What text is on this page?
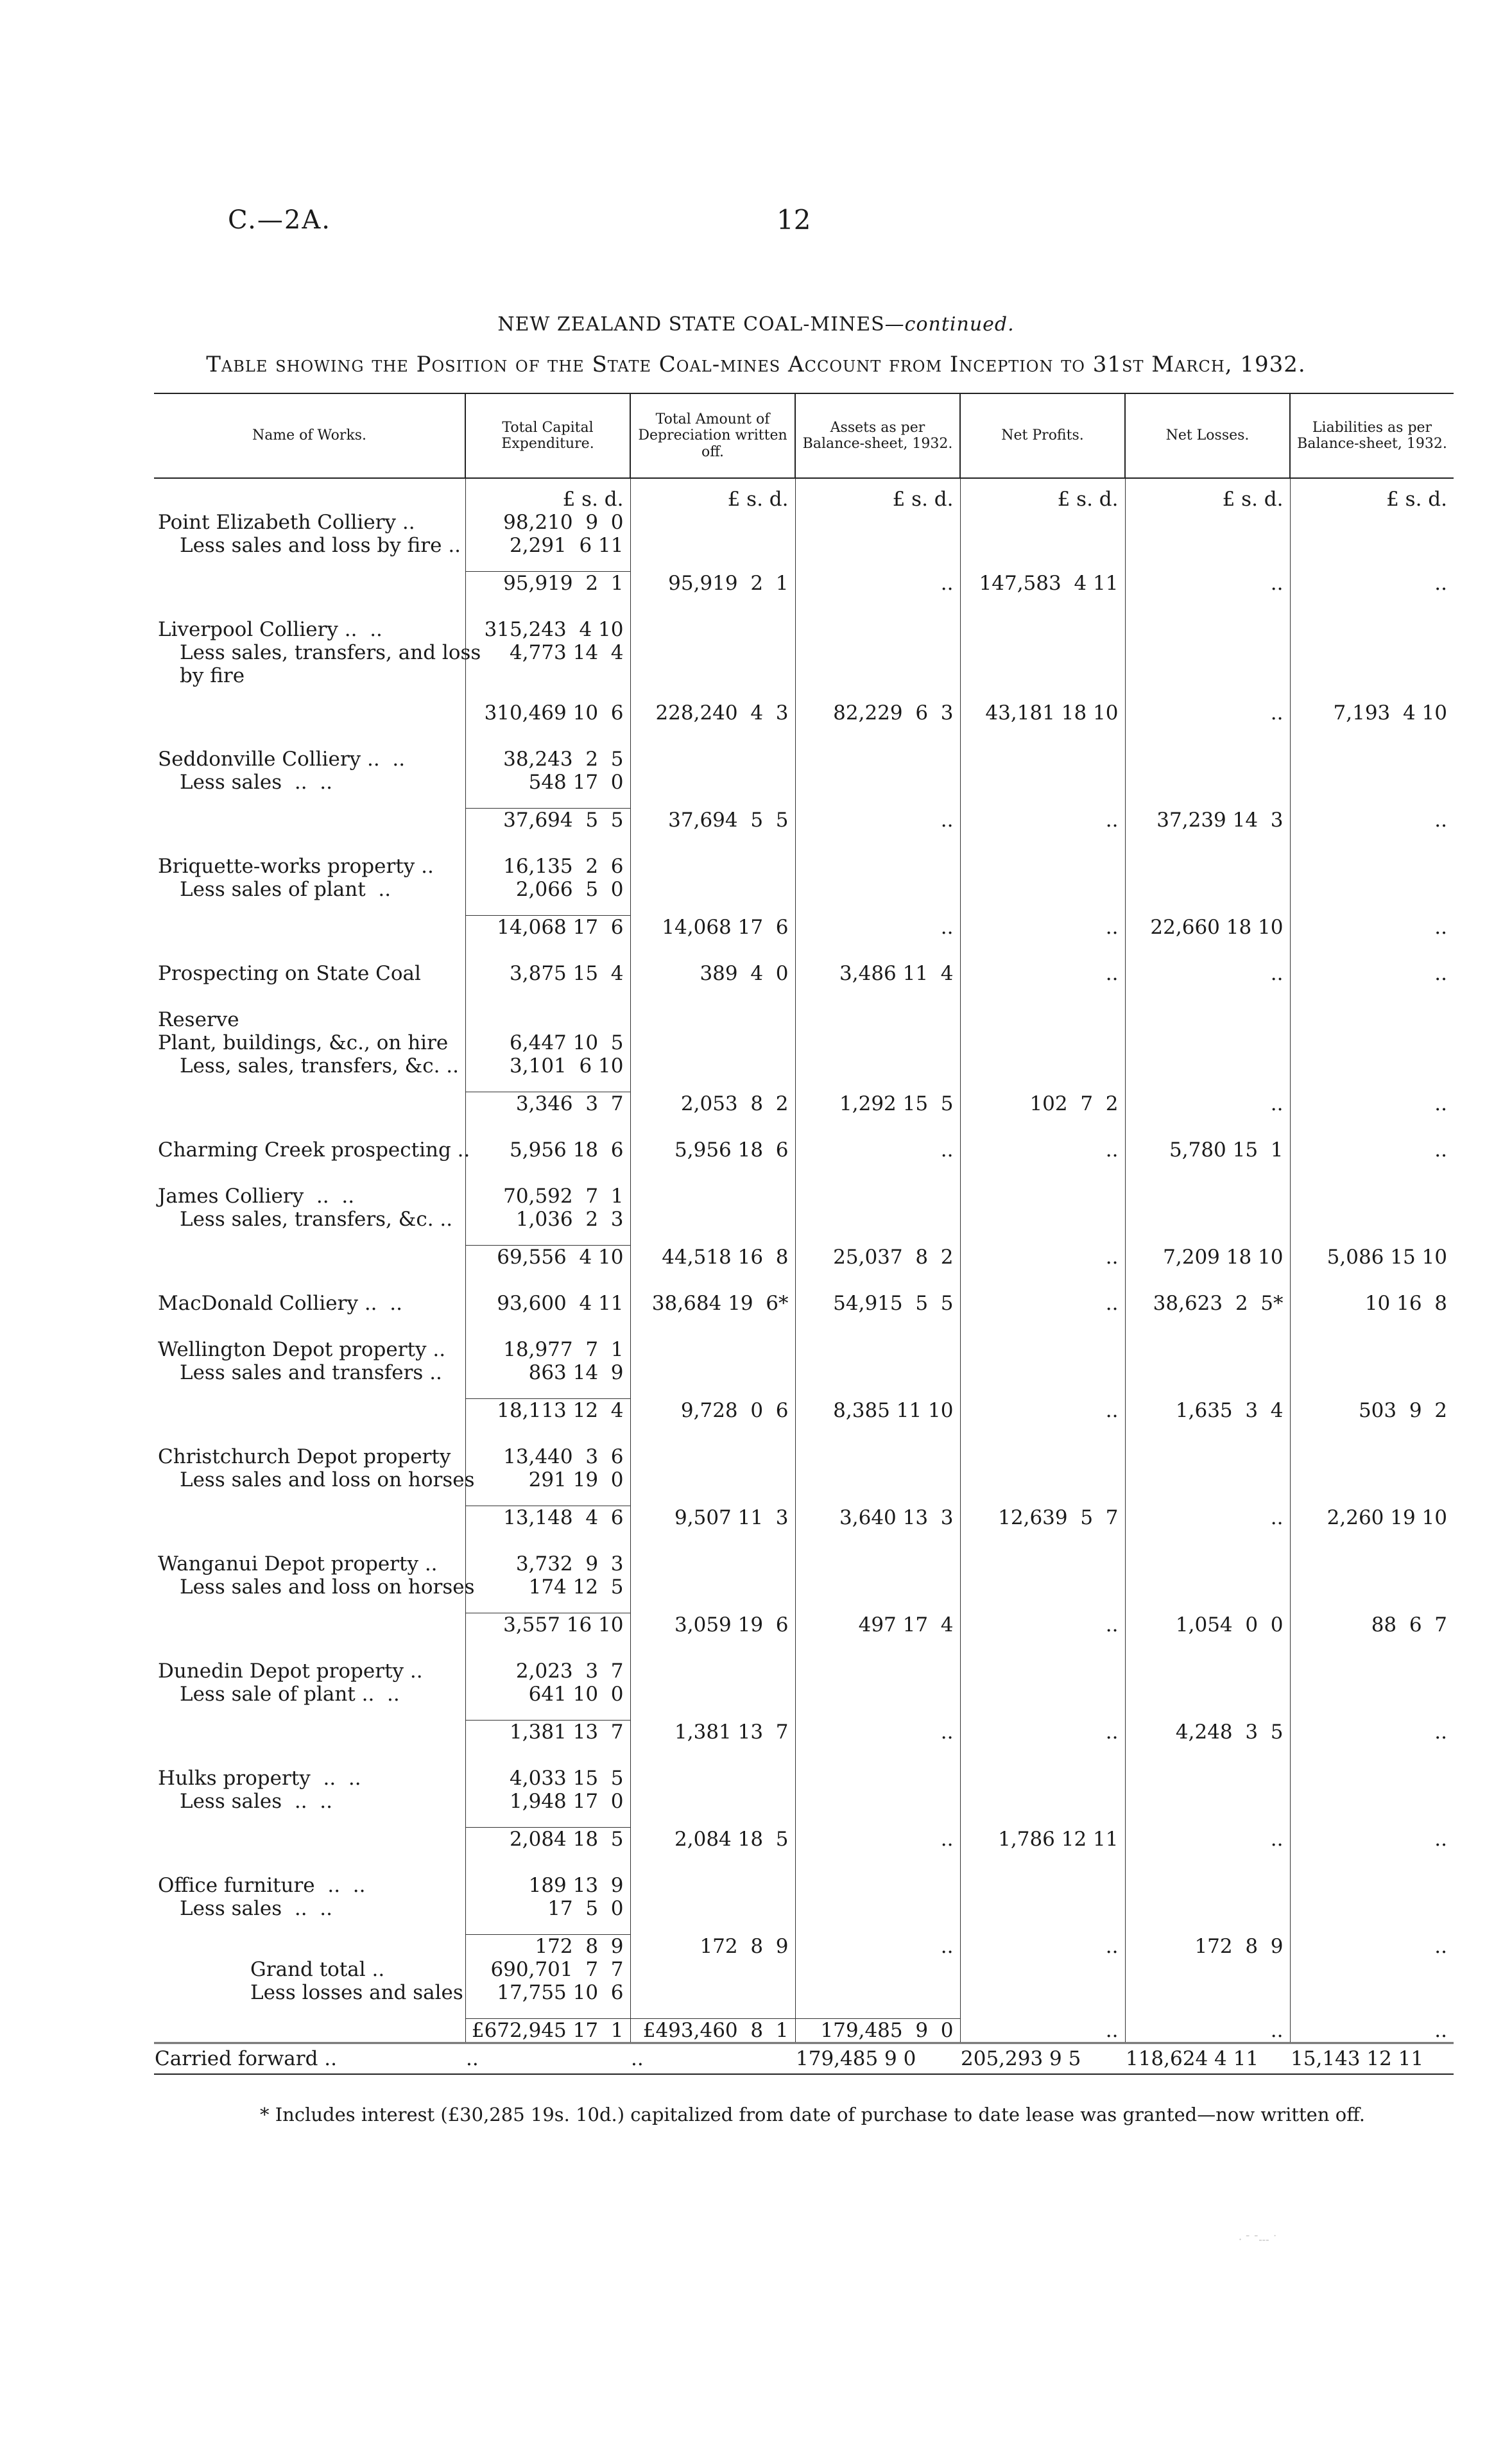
C.—2A.	12
NEW ZEALAND STATE COAL-MINES—continued.
Table showing the Position of the State Coal-mines Account from Inception to 31st March, 1932.
Name of Works.	Total Capital Expenditure.	Total Amount of Depreciation written off.	Assets as per Balance-sheet, 1932.	Net Profits.	Net Losses.	Liabilities as per Balance-sheet, 1932.
	£ s. d.	£ s. d.	£ s. d.	£ s. d.	£ s. d.	£ s. d.
Point Elizabeth Colliery ..	98,210  9  0					
Less sales and loss by fire ..	2,291  6 11					

	95,919  2  1	95,919  2  1	..	147,583  4 11	..	..

Liverpool Colliery ..  ..	315,243  4 10					
Less sales, transfers, and loss	4,773 14  4					
by fire						

	310,469 10  6	228,240  4  3	82,229  6  3	43,181 18 10	..	7,193  4 10

Seddonville Colliery ..  ..	38,243  2  5					
Less sales  ..  ..	548 17  0					

	37,694  5  5	37,694  5  5	..	..	37,239 14  3	..

Briquette-works property ..	16,135  2  6					
Less sales of plant  ..	2,066  5  0					

	14,068 17  6	14,068 17  6	..	..	22,660 18 10	..

Prospecting on State Coal	3,875 15  4	389  4  0	3,486 11  4	..	..	..

Reserve						
Plant, buildings, &c., on hire	6,447 10  5					
Less, sales, transfers, &c. ..	3,101  6 10					

	3,346  3  7	2,053  8  2	1,292 15  5	102  7  2	..	..

Charming Creek prospecting ..	5,956 18  6	5,956 18  6	..	..	5,780 15  1	..

James Colliery  ..  ..	70,592  7  1					
Less sales, transfers, &c. ..	1,036  2  3					

	69,556  4 10	44,518 16  8	25,037  8  2	..	7,209 18 10	5,086 15 10

MacDonald Colliery ..  ..	93,600  4 11	38,684 19  6*	54,915  5  5	..	38,623  2  5*	10 16  8

Wellington Depot property ..	18,977  7  1					
Less sales and transfers ..	863 14  9					

	18,113 12  4	9,728  0  6	8,385 11 10	..	1,635  3  4	503  9  2

Christchurch Depot property	13,440  3  6					
Less sales and loss on horses	291 19  0					

	13,148  4  6	9,507 11  3	3,640 13  3	12,639  5  7	..	2,260 19 10

Wanganui Depot property ..	3,732  9  3					
Less sales and loss on horses	174 12  5					

	3,557 16 10	3,059 19  6	497 17  4	..	1,054  0  0	88  6  7

Dunedin Depot property ..	2,023  3  7					
Less sale of plant ..  ..	641 10  0					

	1,381 13  7	1,381 13  7	..	..	4,248  3  5	..

Hulks property  ..  ..	4,033 15  5					
Less sales  ..  ..	1,948 17  0					

	2,084 18  5	2,084 18  5	..	1,786 12 11	..	..

Office furniture  ..  ..	189 13  9					
Less sales  ..  ..	17  5  0					

	172  8  9	172  8  9	..	..	172  8  9	..
Grand total ..	690,701  7  7					
Less losses and sales	17,755 10  6					

	£672,945 17  1	£493,460  8  1	179,485  9  0	..	..	..
Carried forward ..	..	..	179,485 9 0	205,293 9 5	118,624 4 11	15,143 12 11
* Includes interest (£30,285 19s. 10d.) capitalized from date of purchase to date lease was granted—now written off.
· ˉ ˉ‐‐‐ ˙
